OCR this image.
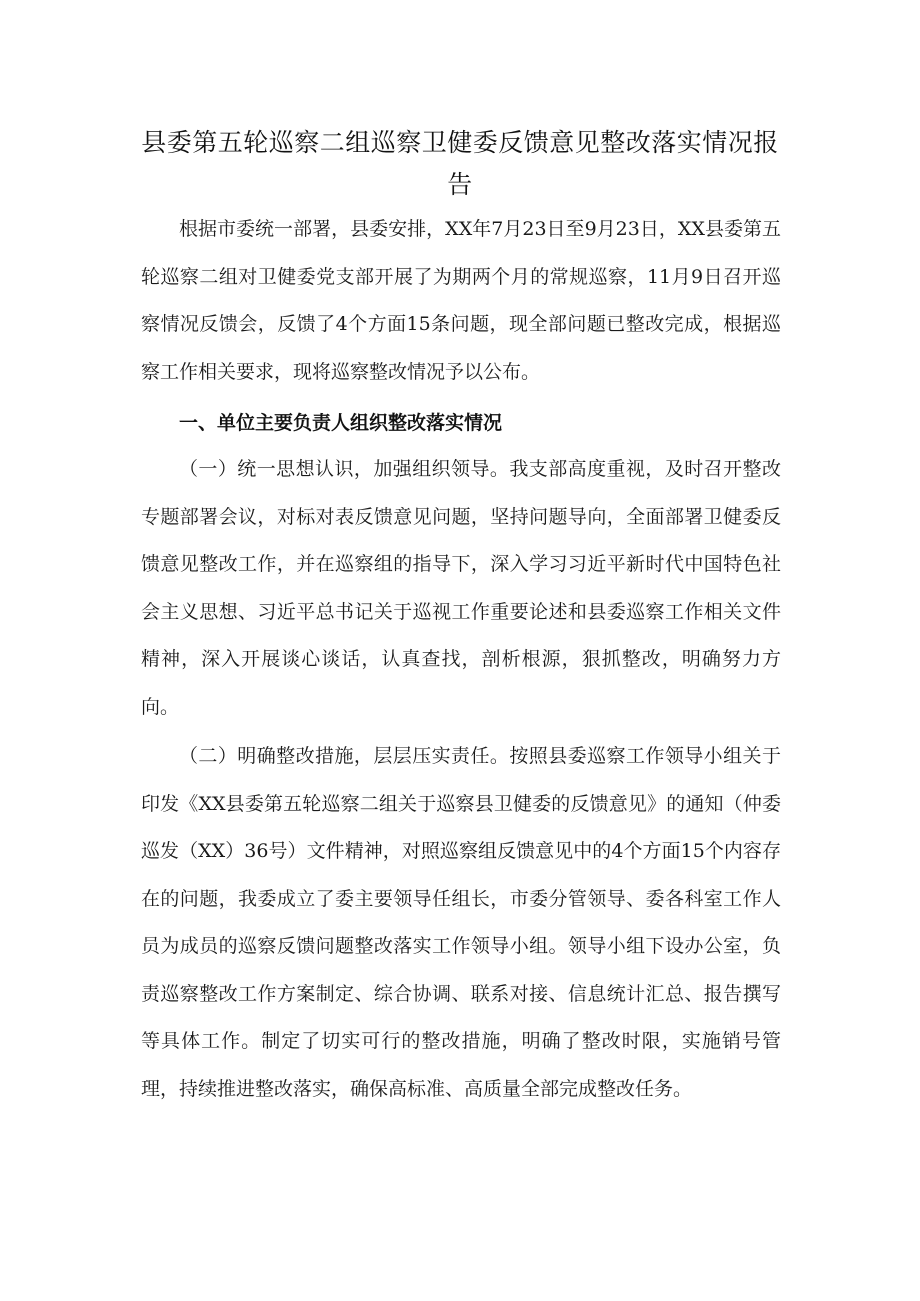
县委第五轮巡察二组巡察卫健委反馈意见整改落实情况报告

根据市委统一部署，县委安排，XX年7月23日至9月23日，XX县委第五轮巡察二组对卫健委党支部开展了为期两个月的常规巡察，11月9日召开巡察情况反馈会，反馈了4个方面15条问题，现全部问题已整改完成，根据巡察工作相关要求，现将巡察整改情况予以公布。

一、单位主要负责人组织整改落实情况

（一）统一思想认识，加强组织领导。我支部高度重视，及时召开整改专题部署会议，对标对表反馈意见问题，坚持问题导向，全面部署卫健委反馈意见整改工作，并在巡察组的指导下，深入学习习近平新时代中国特色社会主义思想、习近平总书记关于巡视工作重要论述和县委巡察工作相关文件精神，深入开展谈心谈话，认真查找，剖析根源，狠抓整改，明确努力方向。

（二）明确整改措施，层层压实责任。按照县委巡察工作领导小组关于印发《XX县委第五轮巡察二组关于巡察县卫健委的反馈意见》的通知（仲委巡发（XX）36号）文件精神，对照巡察组反馈意见中的4个方面15个内容存在的问题，我委成立了委主要领导任组长，市委分管领导、委各科室工作人员为成员的巡察反馈问题整改落实工作领导小组。领导小组下设办公室，负责巡察整改工作方案制定、综合协调、联系对接、信息统计汇总、报告撰写等具体工作。制定了切实可行的整改措施，明确了整改时限，实施销号管理，持续推进整改落实，确保高标准、高质量全部完成整改任务。
